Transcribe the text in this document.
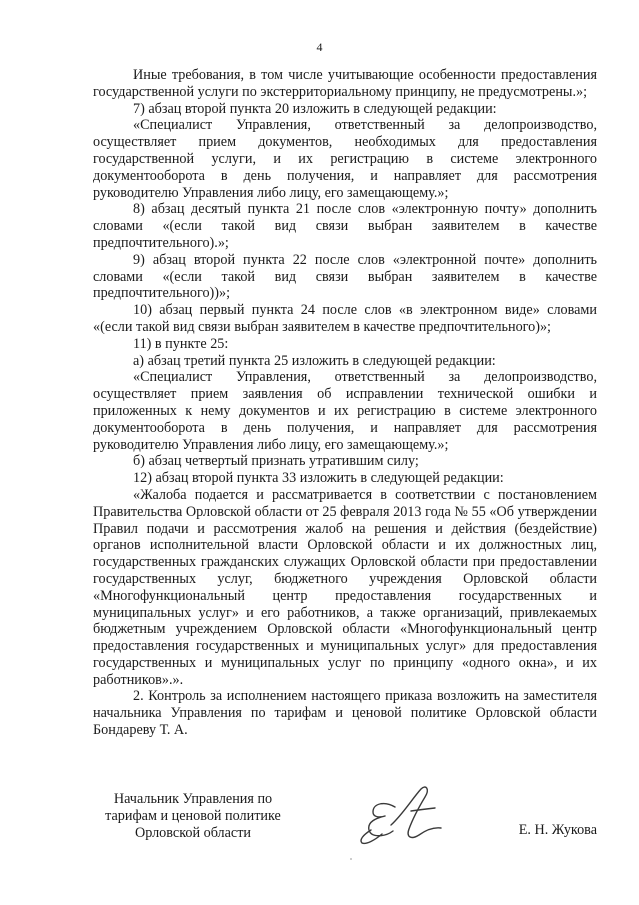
4

Иные требования, в том числе учитывающие особенности предоставления государственной услуги по экстерриториальному принципу, не предусмотрены.»;

7) абзац второй пункта 20 изложить в следующей редакции:

«Специалист Управления, ответственный за делопроизводство, осуществляет прием документов, необходимых для предоставления государственной услуги, и их регистрацию в системе электронного документооборота в день получения, и направляет для рассмотрения руководителю Управления либо лицу, его замещающему.»;

8) абзац десятый пункта 21 после слов «электронную почту» дополнить словами «(если такой вид связи выбран заявителем в качестве предпочтительного).»;

9) абзац второй пункта 22 после слов «электронной почте» дополнить словами «(если такой вид связи выбран заявителем в качестве предпочтительного))»;

10) абзац первый пункта 24 после слов «в электронном виде» словами «(если такой вид связи выбран заявителем в качестве предпочтительного)»;

11) в пункте 25:

а) абзац третий пункта 25 изложить в следующей редакции:

«Специалист Управления, ответственный за делопроизводство, осуществляет прием заявления об исправлении технической ошибки и приложенных к нему документов и их регистрацию в системе электронного документооборота в день получения, и направляет для рассмотрения руководителю Управления либо лицу, его замещающему.»;

б) абзац четвертый признать утратившим силу;

12) абзац второй пункта 33 изложить в следующей редакции:

«Жалоба подается и рассматривается в соответствии с постановлением Правительства Орловской области от 25 февраля 2013 года № 55 «Об утверждении Правил подачи и рассмотрения жалоб на решения и действия (бездействие) органов исполнительной власти Орловской области и их должностных лиц, государственных гражданских служащих Орловской области при предоставлении государственных услуг, бюджетного учреждения Орловской области «Многофункциональный центр предоставления государственных и муниципальных услуг» и его работников, а также организаций, привлекаемых бюджетным учреждением Орловской области «Многофункциональный центр предоставления государственных и муниципальных услуг» для предоставления государственных и муниципальных услуг по принципу «одного окна», и их работников».».

2. Контроль за исполнением настоящего приказа возложить на заместителя начальника Управления по тарифам и ценовой политике Орловской области Бондареву Т. А.

Начальник Управления по
тарифам и ценовой политике
Орловской области	Е. Н. Жукова
